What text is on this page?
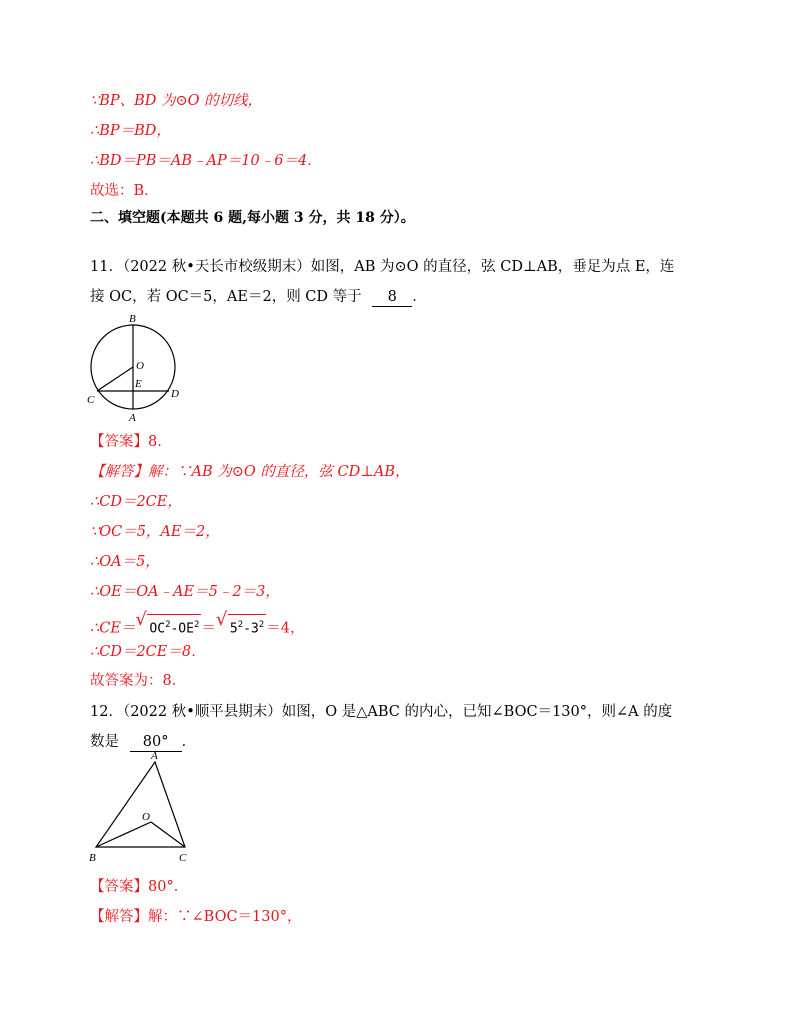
∵BP、BD 为⊙O 的切线，
∴BP＝BD，
∴BD＝PB＝AB﹣AP＝10﹣6＝4．
故选：B．
二、填空题(本题共 6 题,每小题 3 分，共 18 分）。
11．（2022 秋•天长市校级期末）如图，AB 为⊙O 的直径，弦 CD⊥AB，垂足为点 E，连
接 OC，若 OC＝5，AE＝2，则 CD 等于 8 ．
B
O
E
C	D
A
【答案】8．
【解答】解：∵AB 为⊙O 的直径，弦 CD⊥AB，
∴CD＝2CE，
∵OC＝5，AE＝2，
∴OA＝5，
∴OE＝OA﹣AE＝5﹣2＝3，
∴CE＝ √ $OC^2-OE^2$ ＝ √ $5^2-3^2 =4$，
∴CD＝2CE＝8．
故答案为：8．
12．（2022 秋•顺平县期末）如图，O 是△ABC 的内心，已知∠BOC＝130°，则∠A 的度
数是 80° ．
A
O
B	C
【答案】80°．
【解答】解：∵∠BOC＝130°，
